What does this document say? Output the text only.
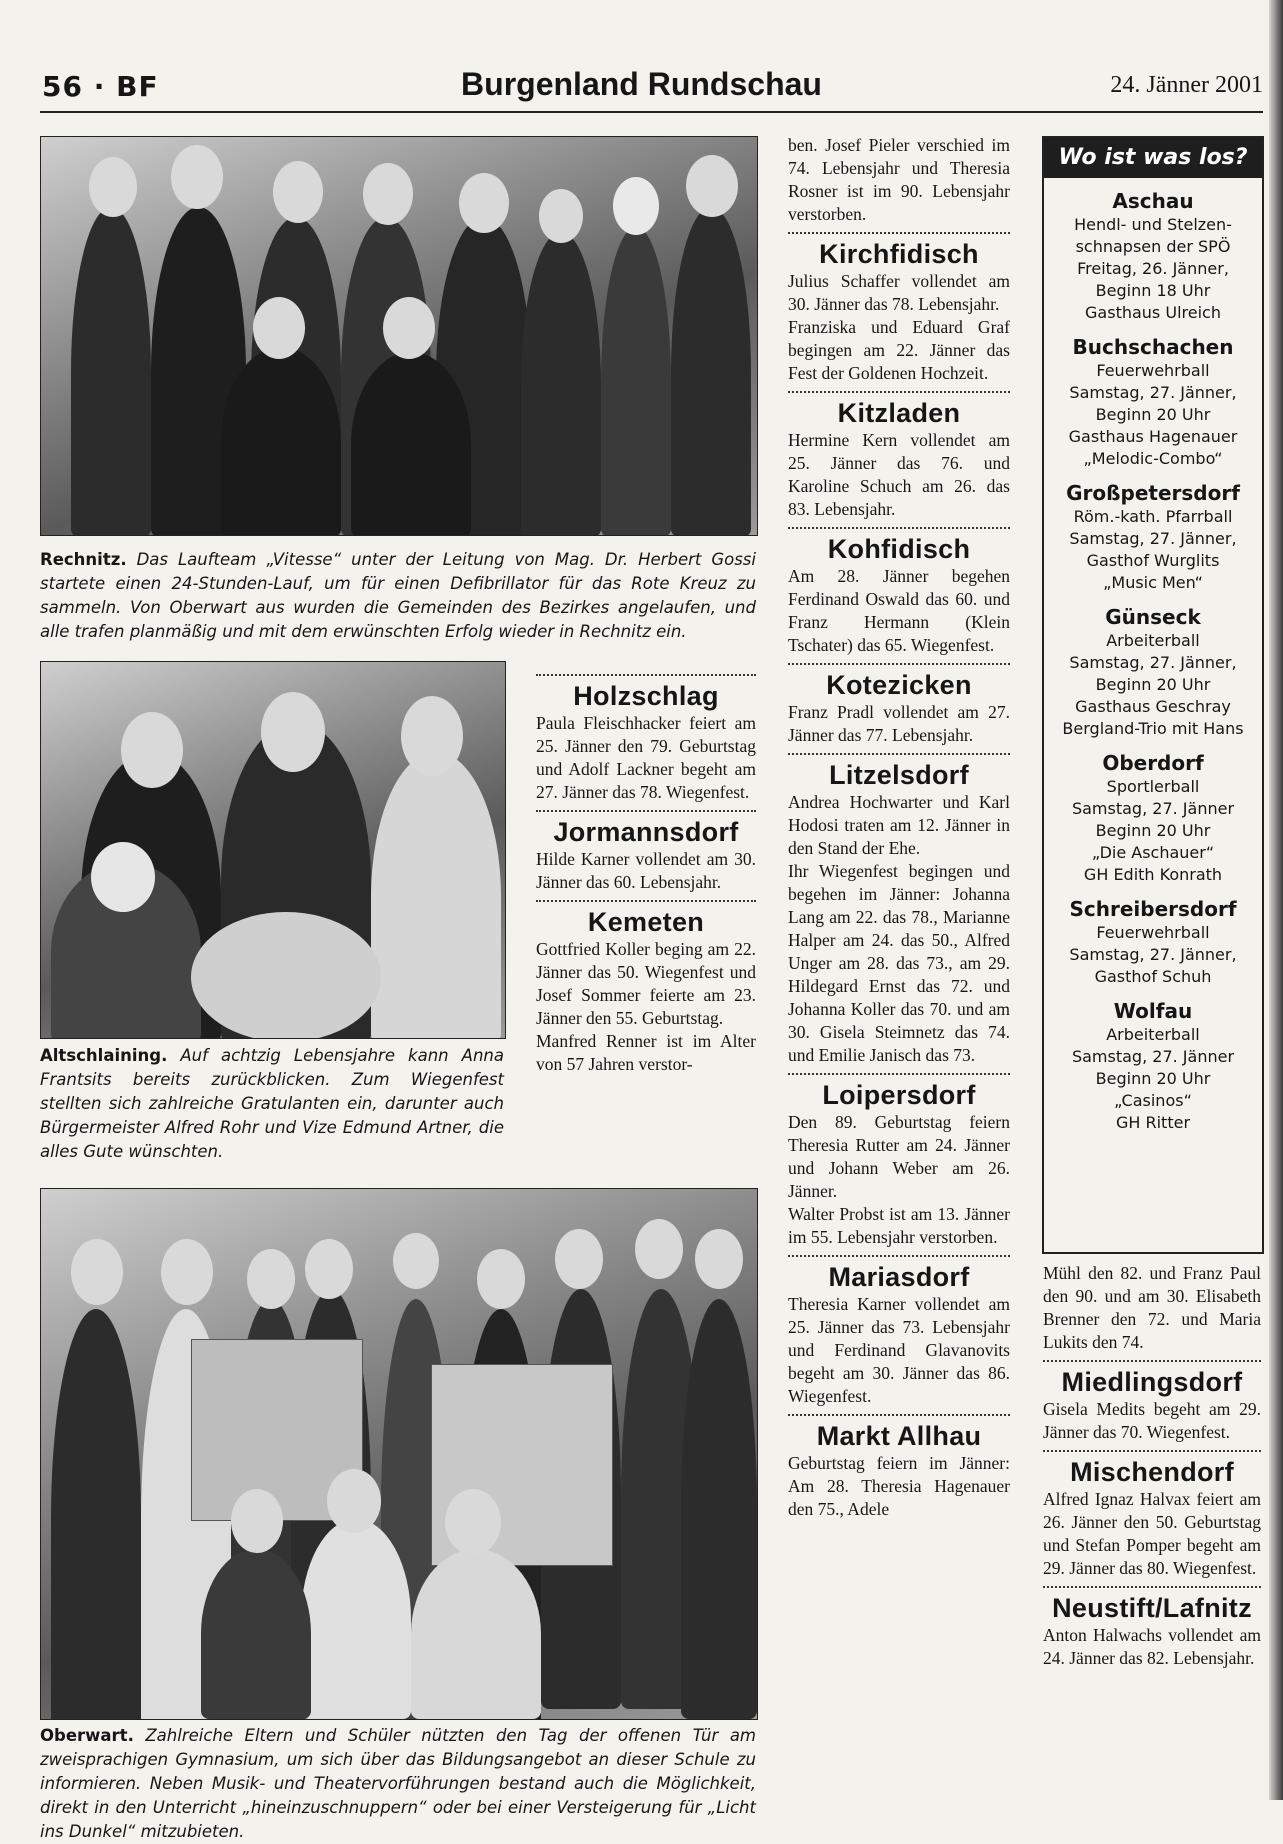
56 · BF	Burgenland Rundschau	24. Jänner 2001
Rechnitz. Das Laufteam „Vitesse“ unter der Leitung von Mag. Dr. Herbert Gossi startete einen 24-Stunden-Lauf, um für einen Defibrillator für das Rote Kreuz zu sammeln. Von Oberwart aus wurden die Gemeinden des Bezirkes angelaufen, und alle trafen planmäßig und mit dem erwünschten Erfolg wieder in Rechnitz ein.
Altschlaining. Auf achtzig Lebensjahre kann Anna Frantsits bereits zurückblicken. Zum Wiegenfest stellten sich zahlreiche Gratulanten ein, darunter auch Bürgermeister Alfred Rohr und Vize Edmund Artner, die alles Gute wünschten.
Oberwart. Zahlreiche Eltern und Schüler nützten den Tag der offenen Tür am zweisprachigen Gymnasium, um sich über das Bildungsangebot an dieser Schule zu informieren. Neben Musik- und Theatervorführungen bestand auch die Möglichkeit, direkt in den Unterricht „hineinzuschnuppern“ oder bei einer Versteigerung für „Licht ins Dunkel“ mitzubieten.
Holzschlag

Paula Fleischhacker feiert am 25. Jänner den 79. Geburtstag und Adolf Lackner begeht am 27. Jänner das 78. Wiegenfest.

Jormannsdorf

Hilde Karner vollendet am 30. Jänner das 60. Lebensjahr.

Kemeten

Gottfried Koller beging am 22. Jänner das 50. Wiegenfest und Josef Sommer feierte am 23. Jänner den 55. Geburtstag.

Manfred Renner ist im Alter von 57 Jahren verstor-

ben. Josef Pieler verschied im 74. Lebensjahr und Theresia Rosner ist im 90. Lebensjahr verstorben.

Kirchfidisch

Julius Schaffer vollendet am 30. Jänner das 78. Lebensjahr.

Franziska und Eduard Graf begingen am 22. Jänner das Fest der Goldenen Hochzeit.

Kitzladen

Hermine Kern vollendet am 25. Jänner das 76. und Karoline Schuch am 26. das 83. Lebensjahr.

Kohfidisch

Am 28. Jänner begehen Ferdinand Oswald das 60. und Franz Hermann (Klein Tschater) das 65. Wiegenfest.

Kotezicken

Franz Pradl vollendet am 27. Jänner das 77. Lebensjahr.

Litzelsdorf

Andrea Hochwarter und Karl Hodosi traten am 12. Jänner in den Stand der Ehe.

Ihr Wiegenfest begingen und begehen im Jänner: Johanna Lang am 22. das 78., Marianne Halper am 24. das 50., Alfred Unger am 28. das 73., am 29. Hildegard Ernst das 72. und Johanna Koller das 70. und am 30. Gisela Steimnetz das 74. und Emilie Janisch das 73.

Loipersdorf

Den 89. Geburtstag feiern Theresia Rutter am 24. Jänner und Johann Weber am 26. Jänner.

Walter Probst ist am 13. Jänner im 55. Lebensjahr verstorben.

Mariasdorf

Theresia Karner vollendet am 25. Jänner das 73. Lebensjahr und Ferdinand Glavanovits begeht am 30. Jänner das 86. Wiegenfest.

Markt Allhau

Geburtstag feiern im Jänner: Am 28. Theresia Hagenauer den 75., Adele

Wo ist was los?
Aschau
Hendl- und Stelzen-
schnapsen der SPÖ
Freitag, 26. Jänner,
Beginn 18 Uhr
Gasthaus Ulreich
Buchschachen
Feuerwehrball
Samstag, 27. Jänner,
Beginn 20 Uhr
Gasthaus Hagenauer
„Melodic-Combo“
Großpetersdorf
Röm.-kath. Pfarrball
Samstag, 27. Jänner,
Gasthof Wurglits
„Music Men“
Günseck
Arbeiterball
Samstag, 27. Jänner,
Beginn 20 Uhr
Gasthaus Geschray
Bergland-Trio mit Hans
Oberdorf
Sportlerball
Samstag, 27. Jänner
Beginn 20 Uhr
„Die Aschauer“
GH Edith Konrath
Schreibersdorf
Feuerwehrball
Samstag, 27. Jänner,
Gasthof Schuh
Wolfau
Arbeiterball
Samstag, 27. Jänner
Beginn 20 Uhr
„Casinos“
GH Ritter

Mühl den 82. und Franz Paul den 90. und am 30. Elisabeth Brenner den 72. und Maria Lukits den 74.

Miedlingsdorf

Gisela Medits begeht am 29. Jänner das 70. Wiegenfest.

Mischendorf

Alfred Ignaz Halvax feiert am 26. Jänner den 50. Geburtstag und Stefan Pomper begeht am 29. Jänner das 80. Wiegenfest.

Neustift/Lafnitz

Anton Halwachs vollendet am 24. Jänner das 82. Lebensjahr.
